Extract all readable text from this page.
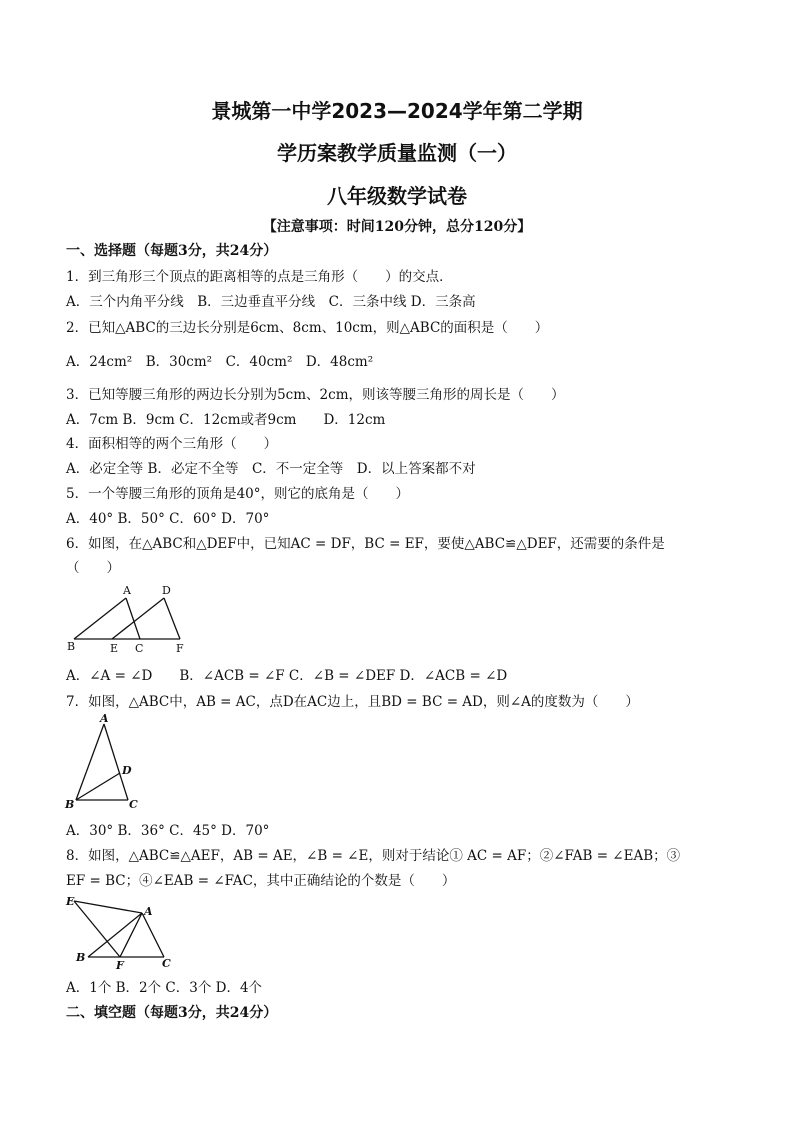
景城第一中学2023—2024学年第二学期
学历案教学质量监测（一）
八年级数学试卷
【注意事项：时间120分钟，总分120分】
一、选择题（每题3分，共24分）
1．到三角形三个顶点的距离相等的点是三角形（　　）的交点．
A．三个内角平分线　B．三边垂直平分线　C．三条中线 D．三条高
2．已知△ABC的三边长分别是6cm、8cm、10cm，则△ABC的面积是（　　）
A．24cm²　B．30cm²　C．40cm²　D．48cm²
3．已知等腰三角形的两边长分别为5cm、2cm，则该等腰三角形的周长是（　　）
A．7cm B．9cm C．12cm或者9cm　　D．12cm
4．面积相等的两个三角形（　　）
A．必定全等 B．必定不全等　C．不一定全等　D．以上答案都不对
5．一个等腰三角形的顶角是40°，则它的底角是（　　）
A．40° B．50° C．60° D．70°
6．如图，在△ABC和△DEF中，已知AC = DF，BC = EF，要使△ABC≌△DEF，还需要的条件是
（　　）
A	D
B	E C	F
A．∠A = ∠D　　B．∠ACB = ∠F C．∠B = ∠DEF D．∠ACB = ∠D
7．如图，△ABC中，AB = AC，点D在AC边上，且BD = BC = AD，则∠A的度数为（　　）
A
D
B	C
A．30° B．36° C．45° D．70°
8．如图，△ABC≌△AEF，AB = AE，∠B = ∠E，则对于结论① AC = AF；②∠FAB = ∠EAB；③
EF = BC；④∠EAB = ∠FAC，其中正确结论的个数是（　　）
E
A
B
F	C
A．1个 B．2个 C．3个 D．4个
二、填空题（每题3分，共24分）
